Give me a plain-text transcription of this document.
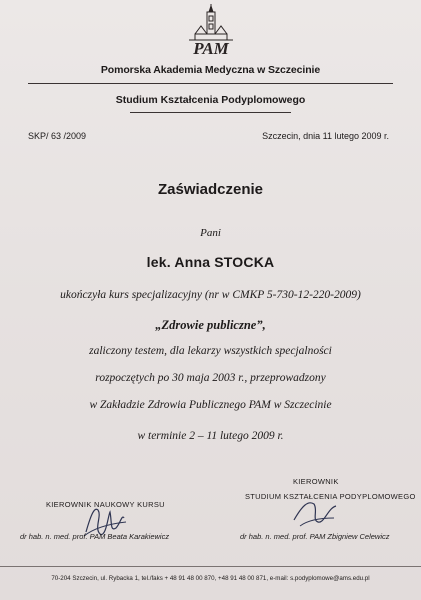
PAM
Pomorska Akademia Medyczna w Szczecinie
Studium Kształcenia Podyplomowego
SKP/ 63 /2009	Szczecin, dnia 11 lutego 2009 r.
Zaświadczenie
Pani
lek. Anna STOCKA
ukończyła kurs specjalizacyjny (nr w CMKP 5-730-12-220-2009)
„Zdrowie publiczne”,
zaliczony testem, dla lekarzy wszystkich specjalności
rozpoczętych po 30 maja 2003 r., przeprowadzony
w Zakładzie Zdrowia Publicznego PAM w Szczecinie
w terminie 2 – 11 lutego 2009 r.
KIEROWNIK
STUDIUM KSZTAŁCENIA PODYPLOMOWEGO
KIEROWNIK NAUKOWY KURSU
dr hab. n. med. prof. PAM Beata Karakiewicz	dr hab. n. med. prof. PAM Zbigniew Celewicz
70-204 Szczecin, ul. Rybacka 1, tel./faks + 48 91 48 00 870, +48 91 48 00 871, e-mail: s.podyplomowe@ams.edu.pl
